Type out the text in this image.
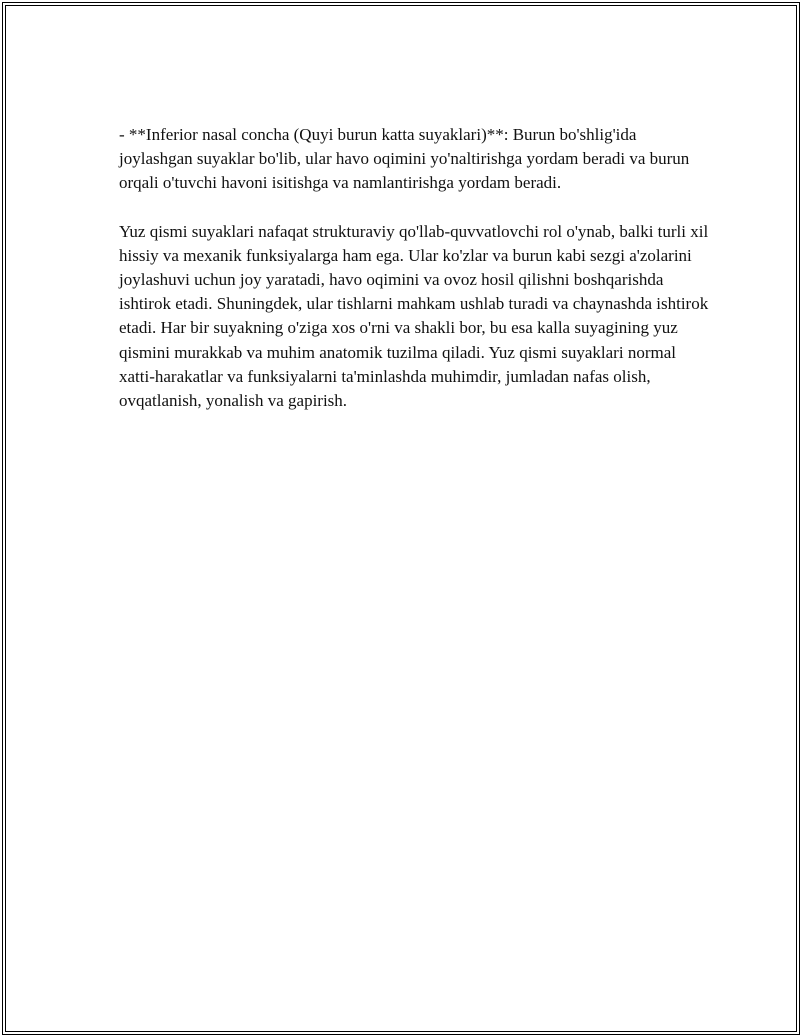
- **Inferior nasal concha (Quyi burun katta suyaklari)**: Burun bo'shlig'ida joylashgan suyaklar bo'lib, ular havo oqimini yo'naltirishga yordam beradi va burun orqali o'tuvchi havoni isitishga va namlantirishga yordam beradi.

Yuz qismi suyaklari nafaqat strukturaviy qo'llab-quvvatlovchi rol o'ynab, balki turli xil hissiy va mexanik funksiyalarga ham ega. Ular ko'zlar va burun kabi sezgi a'zolarini joylashuvi uchun joy yaratadi, havo oqimini va ovoz hosil qilishni boshqarishda ishtirok etadi. Shuningdek, ular tishlarni mahkam ushlab turadi va chaynashda ishtirok etadi. Har bir suyakning o'ziga xos o'rni va shakli bor, bu esa kalla suyagining yuz qismini murakkab va muhim anatomik tuzilma qiladi. Yuz qismi suyaklari normal xatti-harakatlar va funksiyalarni ta'minlashda muhimdir, jumladan nafas olish, ovqatlanish, yonalish va gapirish.
